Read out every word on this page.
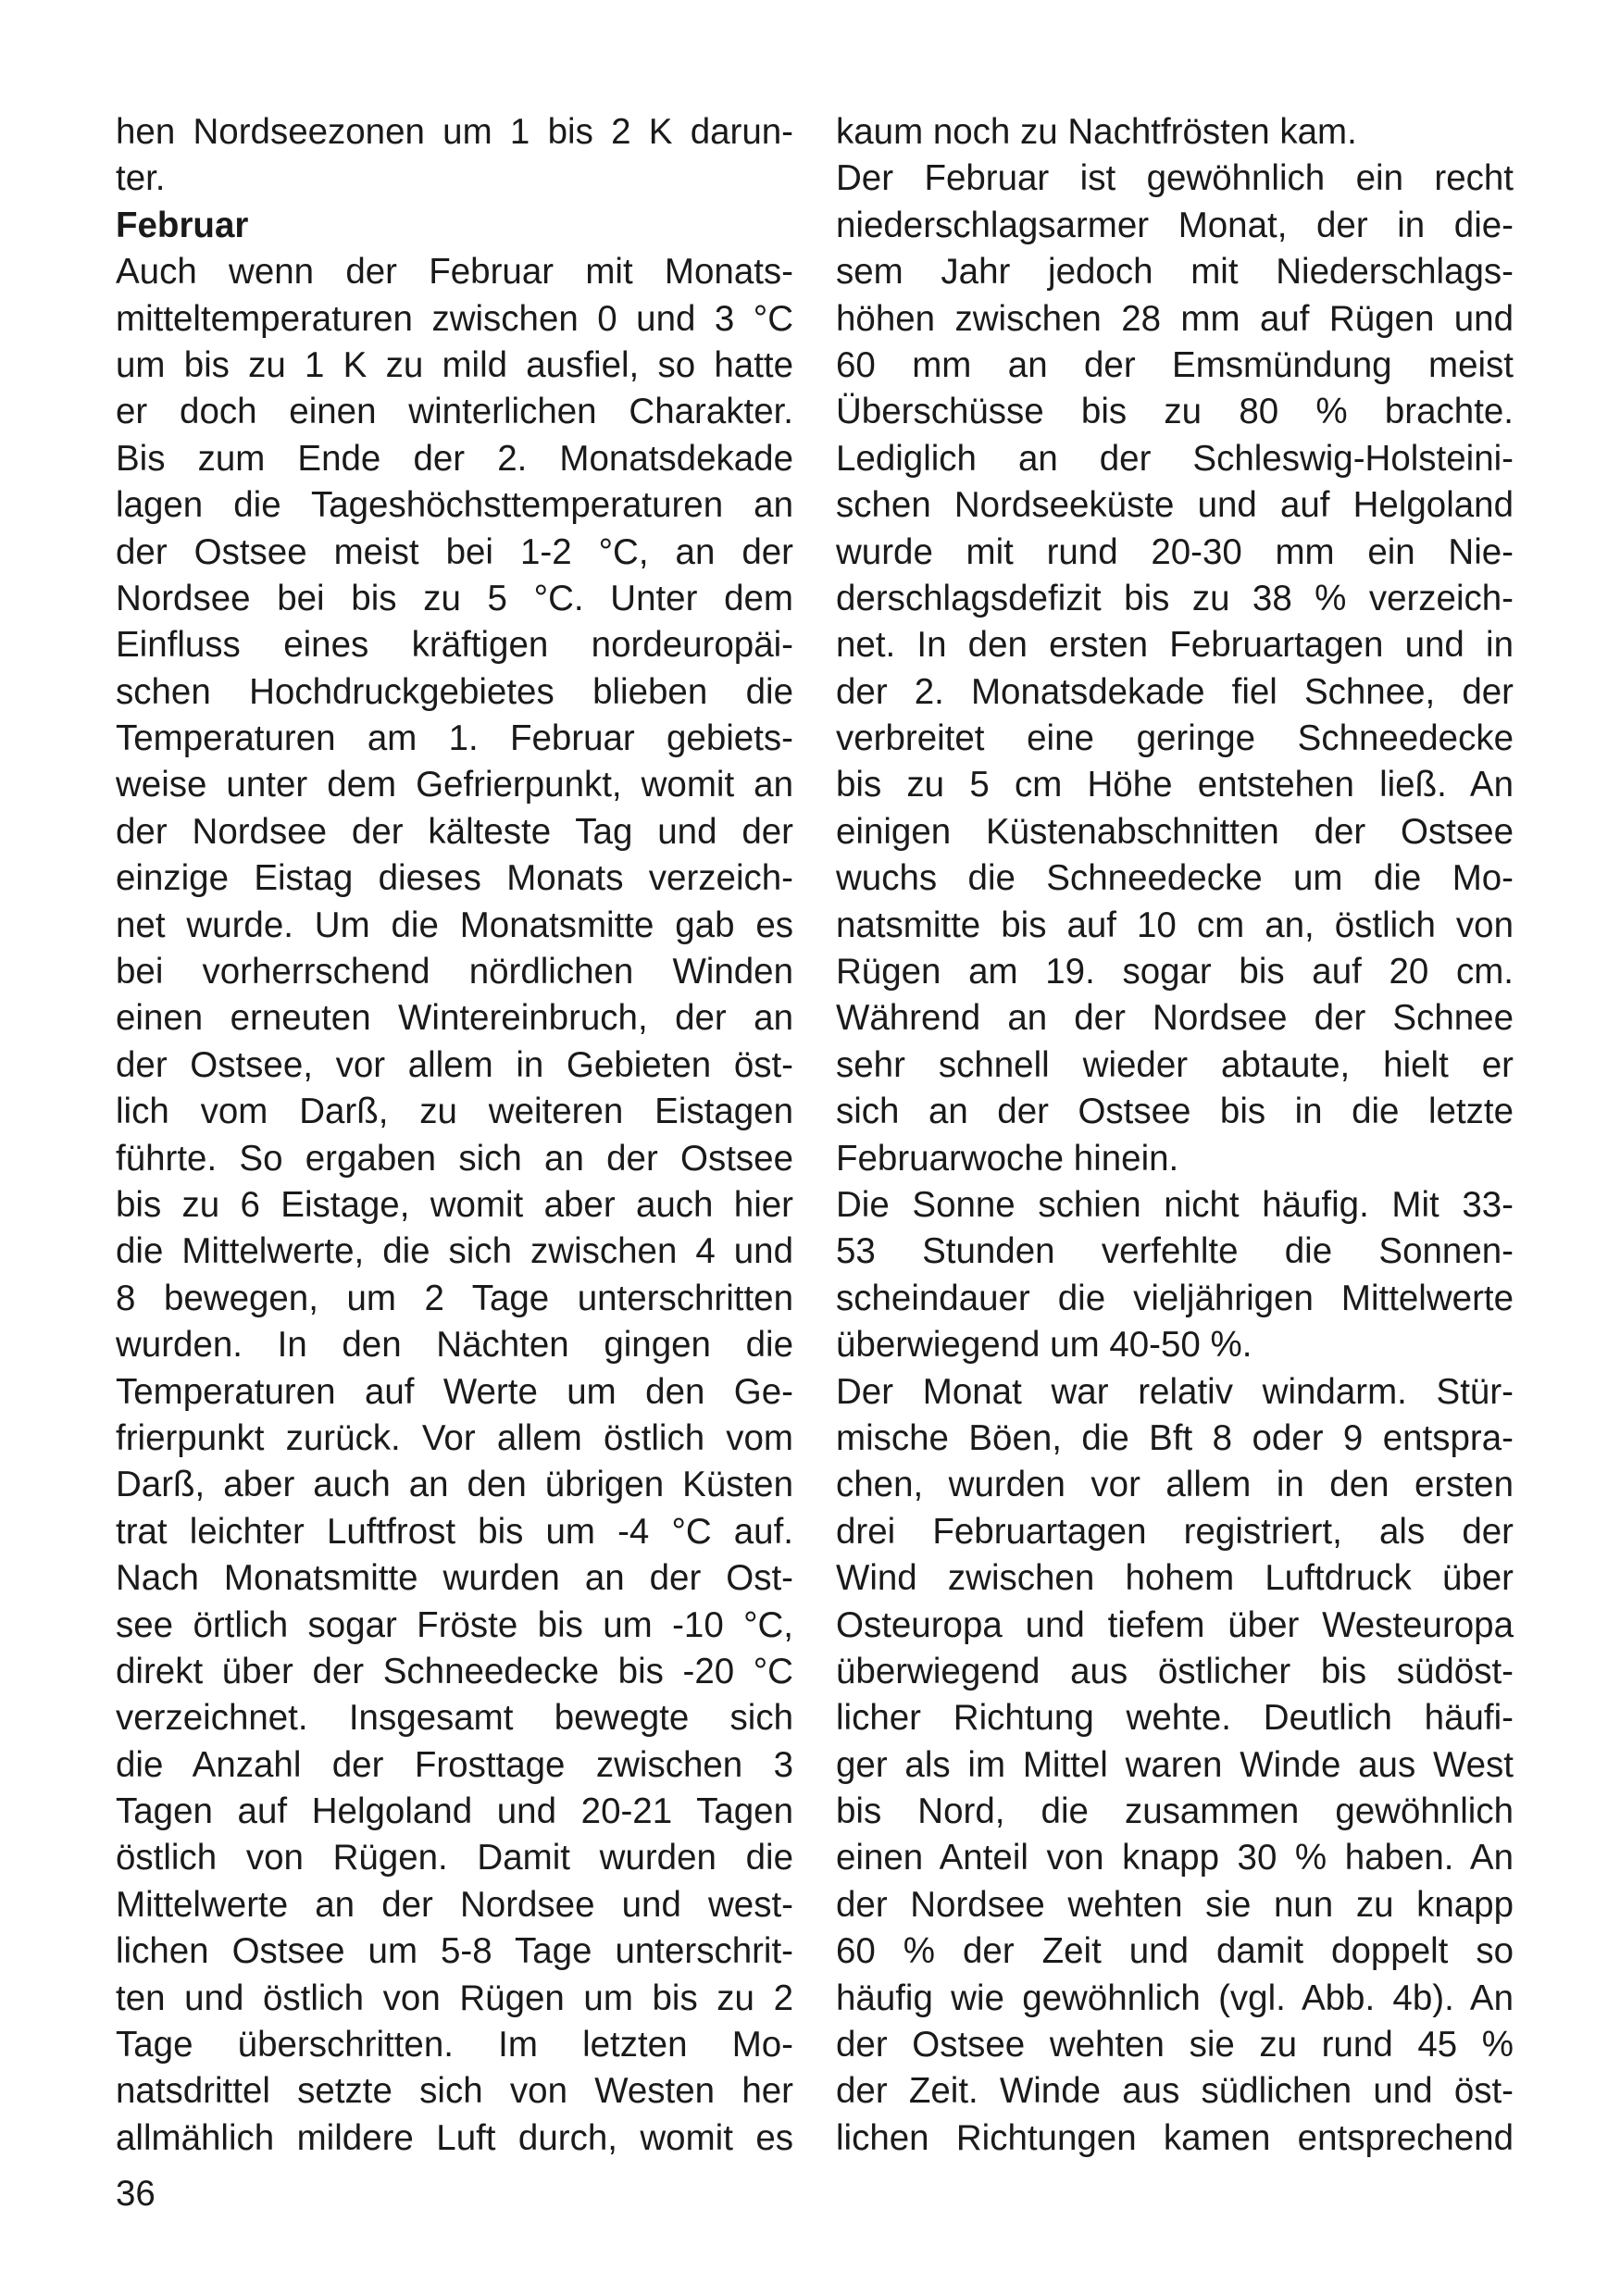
hen Nordseezonen um 1 bis 2 K darun-
ter.
Februar
Auch wenn der Februar mit Monats-
mitteltemperaturen zwischen 0 und 3 °C
um bis zu 1 K zu mild ausfiel, so hatte
er doch einen winterlichen Charakter.
Bis zum Ende der 2. Monatsdekade
lagen die Tageshöchsttemperaturen an
der Ostsee meist bei 1-2 °C, an der
Nordsee bei bis zu 5 °C. Unter dem
Einfluss eines kräftigen nordeuropäi-
schen Hochdruckgebietes blieben die
Temperaturen am 1. Februar gebiets-
weise unter dem Gefrierpunkt, womit an
der Nordsee der kälteste Tag und der
einzige Eistag dieses Monats verzeich-
net wurde. Um die Monatsmitte gab es
bei vorherrschend nördlichen Winden
einen erneuten Wintereinbruch, der an
der Ostsee, vor allem in Gebieten öst-
lich vom Darß, zu weiteren Eistagen
führte. So ergaben sich an der Ostsee
bis zu 6 Eistage, womit aber auch hier
die Mittelwerte, die sich zwischen 4 und
8 bewegen, um 2 Tage unterschritten
wurden. In den Nächten gingen die
Temperaturen auf Werte um den Ge-
frierpunkt zurück. Vor allem östlich vom
Darß, aber auch an den übrigen Küsten
trat leichter Luftfrost bis um -4 °C auf.
Nach Monatsmitte wurden an der Ost-
see örtlich sogar Fröste bis um -10 °C,
direkt über der Schneedecke bis -20 °C
verzeichnet. Insgesamt bewegte sich
die Anzahl der Frosttage zwischen 3
Tagen auf Helgoland und 20-21 Tagen
östlich von Rügen. Damit wurden die
Mittelwerte an der Nordsee und west-
lichen Ostsee um 5-8 Tage unterschrit-
ten und östlich von Rügen um bis zu 2
Tage überschritten. Im letzten Mo-
natsdrittel setzte sich von Westen her
allmählich mildere Luft durch, womit es
kaum noch zu Nachtfrösten kam.
Der Februar ist gewöhnlich ein recht
niederschlagsarmer Monat, der in die-
sem Jahr jedoch mit Niederschlags-
höhen zwischen 28 mm auf Rügen und
60 mm an der Emsmündung meist
Überschüsse bis zu 80 % brachte.
Lediglich an der Schleswig-Holsteini-
schen Nordseeküste und auf Helgoland
wurde mit rund 20-30 mm ein Nie-
derschlagsdefizit bis zu 38 % verzeich-
net. In den ersten Februartagen und in
der 2. Monatsdekade fiel Schnee, der
verbreitet eine geringe Schneedecke
bis zu 5 cm Höhe entstehen ließ. An
einigen Küstenabschnitten der Ostsee
wuchs die Schneedecke um die Mo-
natsmitte bis auf 10 cm an, östlich von
Rügen am 19. sogar bis auf 20 cm.
Während an der Nordsee der Schnee
sehr schnell wieder abtaute, hielt er
sich an der Ostsee bis in die letzte
Februarwoche hinein.
Die Sonne schien nicht häufig. Mit 33-
53 Stunden verfehlte die Sonnen-
scheindauer die vieljährigen Mittelwerte
überwiegend um 40-50 %.
Der Monat war relativ windarm. Stür-
mische Böen, die Bft 8 oder 9 entspra-
chen, wurden vor allem in den ersten
drei Februartagen registriert, als der
Wind zwischen hohem Luftdruck über
Osteuropa und tiefem über Westeuropa
überwiegend aus östlicher bis südöst-
licher Richtung wehte. Deutlich häufi-
ger als im Mittel waren Winde aus West
bis Nord, die zusammen gewöhnlich
einen Anteil von knapp 30 % haben. An
der Nordsee wehten sie nun zu knapp
60 % der Zeit und damit doppelt so
häufig wie gewöhnlich (vgl. Abb. 4b). An
der Ostsee wehten sie zu rund 45 %
der Zeit. Winde aus südlichen und öst-
lichen Richtungen kamen entsprechend
36
